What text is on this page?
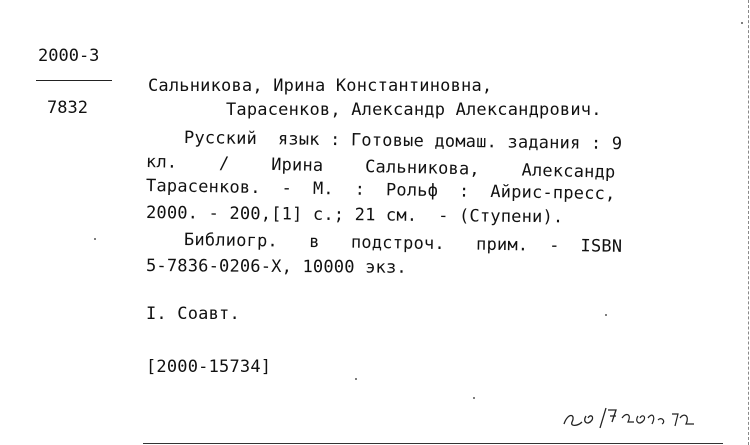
2000-3
7832
Сальникова, Ирина Константиновна,
Тарасенков, Александр Александрович.
Русский  язык : Готовые домаш. задания : 9
кл.    /    Ирина    Сальникова,    Александр
Тарасенков.  -  М.  :  Рольф  :  Айрис-пресс,
2000. - 200,[1] с.; 21 см.  - (Ступени).
Библиогр.   в   подстроч.   прим.  -  ISBN
5-7836-0206-X, 10000 экз.
I. Соавт.
[2000-15734]
